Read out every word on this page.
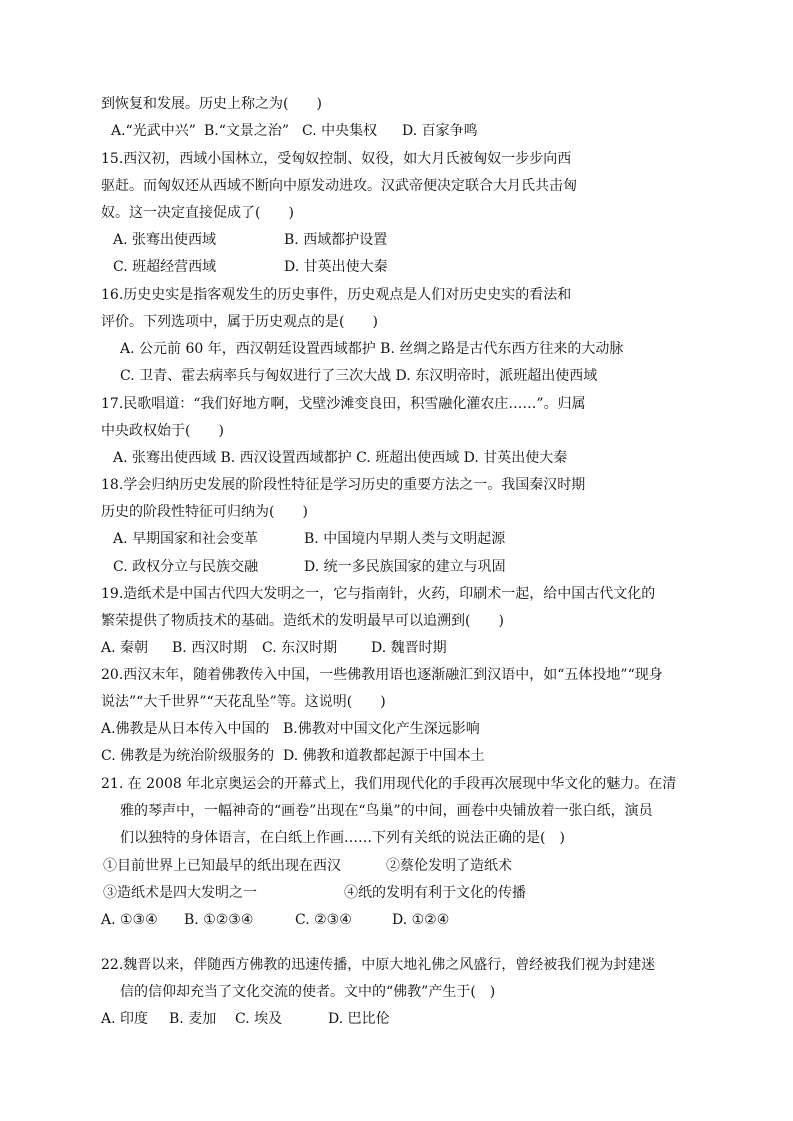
到恢复和发展。历史上称之为(　　)
A.“光武中兴” B.“文景之治” C. 中央集权 D. 百家争鸣
15.西汉初，西域小国林立，受匈奴控制、奴役，如大月氏被匈奴一步步向西
驱赶。而匈奴还从西域不断向中原发动进攻。汉武帝便决定联合大月氏共击匈
奴。这一决定直接促成了(　　)
A. 张骞出使西域	B. 西域都护设置
C. 班超经营西域	D. 甘英出使大秦
16.历史史实是指客观发生的历史事件，历史观点是人们对历史史实的看法和
评价。下列选项中，属于历史观点的是(　　)
A. 公元前 60 年，西汉朝廷设置西域都护 B. 丝绸之路是古代东西方往来的大动脉
C. 卫青、霍去病率兵与匈奴进行了三次大战 D. 东汉明帝时，派班超出使西域
17.民歌唱道：“我们好地方啊，戈壁沙滩变良田，积雪融化灌农庄……”。归属
中央政权始于(　　)
A. 张骞出使西域 B. 西汉设置西域都护 C. 班超出使西域 D. 甘英出使大秦
18.学会归纳历史发展的阶段性特征是学习历史的重要方法之一。我国秦汉时期
历史的阶段性特征可归纳为(　　)
A. 早期国家和社会变革	B. 中国境内早期人类与文明起源
C. 政权分立与民族交融	D. 统一多民族国家的建立与巩固
19.造纸术是中国古代四大发明之一，它与指南针，火药，印刷术一起，给中国古代文化的
繁荣提供了物质技术的基础。造纸术的发明最早可以追溯到(　　)
A. 秦朝 B. 西汉时期 C. 东汉时期 D. 魏晋时期
20.西汉末年，随着佛教传入中国，一些佛教用语也逐渐融汇到汉语中，如“五体投地”“现身
说法”“大千世界”“天花乱坠”等。这说明(　　)
A.佛教是从日本传入中国的 B.佛教对中国文化产生深远影响
C. 佛教是为统治阶级服务的 D. 佛教和道教都起源于中国本土
21. 在 2008 年北京奥运会的开幕式上，我们用现代化的手段再次展现中华文化的魅力。在清
雅的琴声中，一幅神奇的“画卷”出现在“鸟巢”的中间，画卷中央铺放着一张白纸，演员
们以独特的身体语言，在白纸上作画……下列有关纸的说法正确的是(　)
①目前世界上已知最早的纸出现在西汉	②蔡伦发明了造纸术
③造纸术是四大发明之一	④纸的发明有利于文化的传播
A. ①③④ B. ①②③④	C. ②③④	D. ①②④
22.魏晋以来，伴随西方佛教的迅速传播，中原大地礼佛之风盛行，曾经被我们视为封建迷
信的信仰却充当了文化交流的使者。文中的“佛教”产生于(　)
A. 印度 B. 麦加 C. 埃及	D. 巴比伦
